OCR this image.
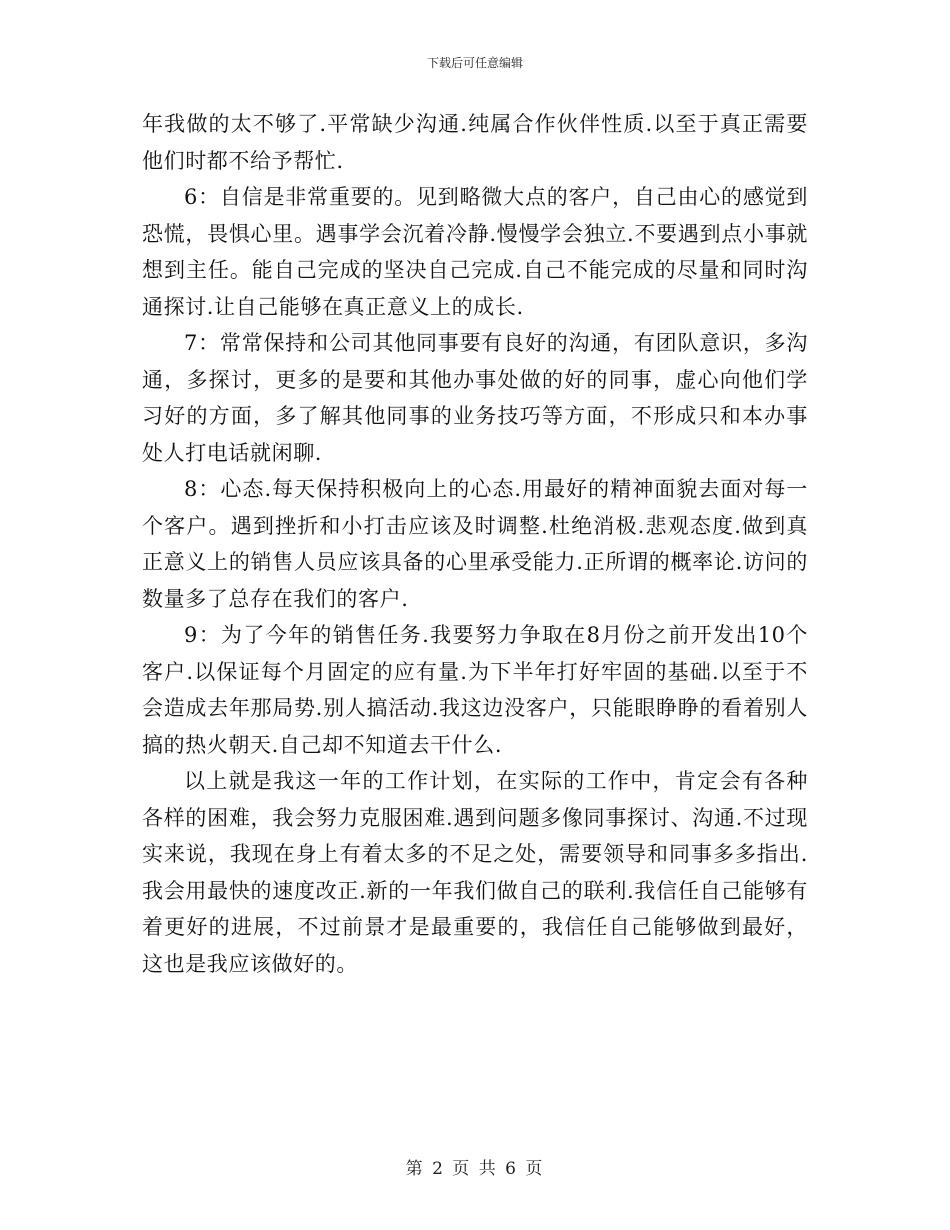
下载后可任意编辑

年我做的太不够了.平常缺少沟通.纯属合作伙伴性质.以至于真正需要他们时都不给予帮忙.

6：自信是非常重要的。见到略微大点的客户，自己由心的感觉到恐慌，畏惧心里。遇事学会沉着冷静.慢慢学会独立.不要遇到点小事就想到主任。能自己完成的坚决自己完成.自己不能完成的尽量和同时沟通探讨.让自己能够在真正意义上的成长.

7：常常保持和公司其他同事要有良好的沟通，有团队意识，多沟通，多探讨，更多的是要和其他办事处做的好的同事，虚心向他们学习好的方面，多了解其他同事的业务技巧等方面，不形成只和本办事处人打电话就闲聊.

8：心态.每天保持积极向上的心态.用最好的精神面貌去面对每一个客户。遇到挫折和小打击应该及时调整.杜绝消极.悲观态度.做到真正意义上的销售人员应该具备的心里承受能力.正所谓的概率论.访问的数量多了总存在我们的客户.

9：为了今年的销售任务.我要努力争取在8月份之前开发出10个客户.以保证每个月固定的应有量.为下半年打好牢固的基础.以至于不会造成去年那局势.别人搞活动.我这边没客户，只能眼睁睁的看着别人搞的热火朝天.自己却不知道去干什么.

以上就是我这一年的工作计划，在实际的工作中，肯定会有各种各样的困难，我会努力克服困难.遇到问题多像同事探讨、沟通.不过现实来说，我现在身上有着太多的不足之处，需要领导和同事多多指出.我会用最快的速度改正.新的一年我们做自己的联利.我信任自己能够有着更好的进展，不过前景才是最重要的，我信任自己能够做到最好，这也是我应该做好的。

第 2 页 共 6 页
